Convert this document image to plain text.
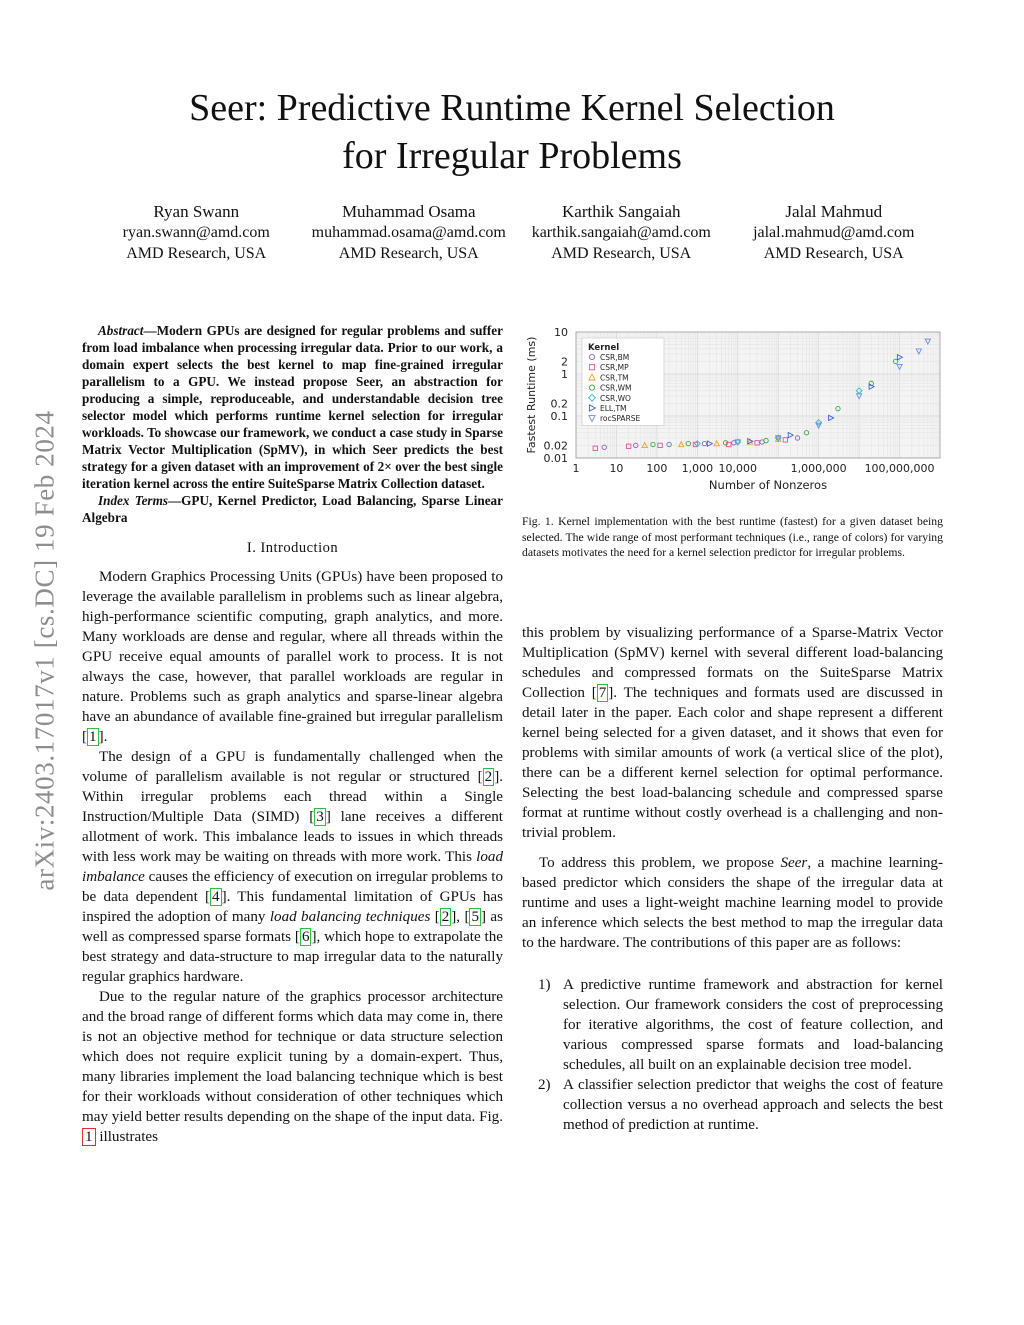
arXiv:2403.17017v1 [cs.DC] 19 Feb 2024
Seer: Predictive Runtime Kernel Selection
for Irregular Problems
Ryan Swann
ryan.swann@amd.com
AMD Research, USA
Muhammad Osama
muhammad.osama@amd.com
AMD Research, USA
Karthik Sangaiah
karthik.sangaiah@amd.com
AMD Research, USA
Jalal Mahmud
jalal.mahmud@amd.com
AMD Research, USA

Abstract—Modern GPUs are designed for regular problems and suffer from load imbalance when processing irregular data. Prior to our work, a domain expert selects the best kernel to map fine-grained irregular parallelism to a GPU. We instead propose Seer, an abstraction for producing a simple, reproduceable, and understandable decision tree selector model which performs runtime kernel selection for irregular workloads. To showcase our framework, we conduct a case study in Sparse Matrix Vector Multiplication (SpMV), in which Seer predicts the best strategy for a given dataset with an improvement of 2× over the best single iteration kernel across the entire SuiteSparse Matrix Collection dataset.

Index Terms—GPU, Kernel Predictor, Load Balancing, Sparse Linear Algebra

I. Introduction

Modern Graphics Processing Units (GPUs) have been proposed to leverage the available parallelism in problems such as linear algebra, high-performance scientific computing, graph analytics, and more. Many workloads are dense and regular, where all threads within the GPU receive equal amounts of parallel work to process. It is not always the case, however, that parallel workloads are regular in nature. Problems such as graph analytics and sparse-linear algebra have an abundance of available fine-grained but irregular parallelism [ 1 ].

The design of a GPU is fundamentally challenged when the volume of parallelism available is not regular or structured [ 2 ]. Within irregular problems each thread within a Single Instruction/Multiple Data (SIMD) [ 3 ] lane receives a different allotment of work. This imbalance leads to issues in which threads with less work may be waiting on threads with more work. This load imbalance causes the efficiency of execution on irregular problems to be data dependent [ 4 ]. This fundamental limitation of GPUs has inspired the adoption of many load balancing techniques [ 2 ], [ 5 ] as well as compressed sparse formats [ 6 ], which hope to extrapolate the best strategy and data-structure to map irregular data to the naturally regular graphics hardware.

Due to the regular nature of the graphics processor architecture and the broad range of different forms which data may come in, there is not an objective method for technique or data structure selection which does not require explicit tuning by a domain-expert. Thus, many libraries implement the load balancing technique which is best for their workloads without consideration of other techniques which may yield better results depending on the shape of the input data. Fig. 1 illustrates

0.01
0.02
0.1
0.2
1
2
10
1	10 100 1,000 10,000	1,000,000 100,000,000
Fastest Runtime (ms)
Number of Nonzeros
Kernel
CSR,BM
CSR,MP
CSR,TM
CSR,WM
CSR,WO
ELL,TM
rocSPARSE

Fig. 1. Kernel implementation with the best runtime (fastest) for a given dataset being selected. The wide range of most performant techniques (i.e., range of colors) for varying datasets motivates the need for a kernel selection predictor for irregular problems.

this problem by visualizing performance of a Sparse-Matrix Vector Multiplication (SpMV) kernel with several different load-balancing schedules and compressed formats on the SuiteSparse Matrix Collection [ 7 ]. The techniques and formats used are discussed in detail later in the paper. Each color and shape represent a different kernel being selected for a given dataset, and it shows that even for problems with similar amounts of work (a vertical slice of the plot), there can be a different kernel selection for optimal performance. Selecting the best load-balancing schedule and compressed sparse format at runtime without costly overhead is a challenging and non-trivial problem.

To address this problem, we propose Seer, a machine learning-based predictor which considers the shape of the irregular data at runtime and uses a light-weight machine learning model to provide an inference which selects the best method to map the irregular data to the hardware. The contributions of this paper are as follows:

1) A predictive runtime framework and abstraction for kernel selection. Our framework considers the cost of preprocessing for iterative algorithms, the cost of feature collection, and various compressed sparse formats and load-balancing schedules, all built on an explainable decision tree model.
2) A classifier selection predictor that weighs the cost of feature collection versus a no overhead approach and selects the best method of prediction at runtime.
